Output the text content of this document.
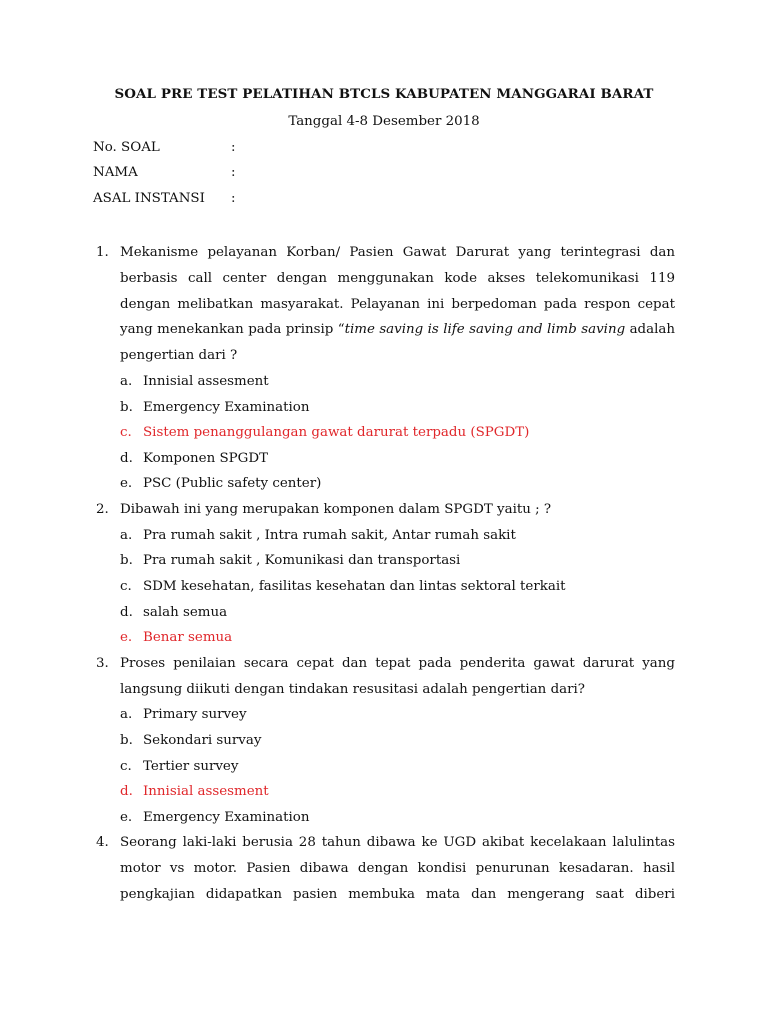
SOAL PRE TEST PELATIHAN BTCLS KABUPATEN MANGGARAI BARAT
Tanggal 4-8 Desember 2018
No. SOAL	:
NAMA	:
ASAL INSTANSI :
1. Mekanisme pelayanan Korban/ Pasien Gawat Darurat yang terintegrasi dan berbasis call center dengan menggunakan kode akses telekomunikasi 119 dengan melibatkan masyarakat. Pelayanan ini berpedoman pada respon cepat yang menekankan pada prinsip “time saving is life saving and limb saving adalah pengertian dari ?
a. Innisial assesment
b. Emergency Examination
c. Sistem penanggulangan gawat darurat terpadu (SPGDT)
d. Komponen SPGDT
e. PSC (Public safety center)
2. Dibawah ini yang merupakan komponen dalam SPGDT yaitu ; ?
a. Pra rumah sakit , Intra rumah sakit, Antar rumah sakit
b. Pra rumah sakit , Komunikasi dan transportasi
c. SDM kesehatan, fasilitas kesehatan dan lintas sektoral terkait
d. salah semua
e. Benar semua
3. Proses penilaian secara cepat dan tepat pada penderita gawat darurat yang langsung diikuti dengan tindakan resusitasi adalah pengertian dari?
a. Primary survey
b. Sekondari survay
c. Tertier survey
d. Innisial assesment
e. Emergency Examination
4. Seorang laki-laki berusia 28 tahun dibawa ke UGD akibat kecelakaan lalulintas motor vs motor. Pasien dibawa dengan kondisi penurunan kesadaran. hasil pengkajian didapatkan pasien membuka mata dan mengerang saat diberi
